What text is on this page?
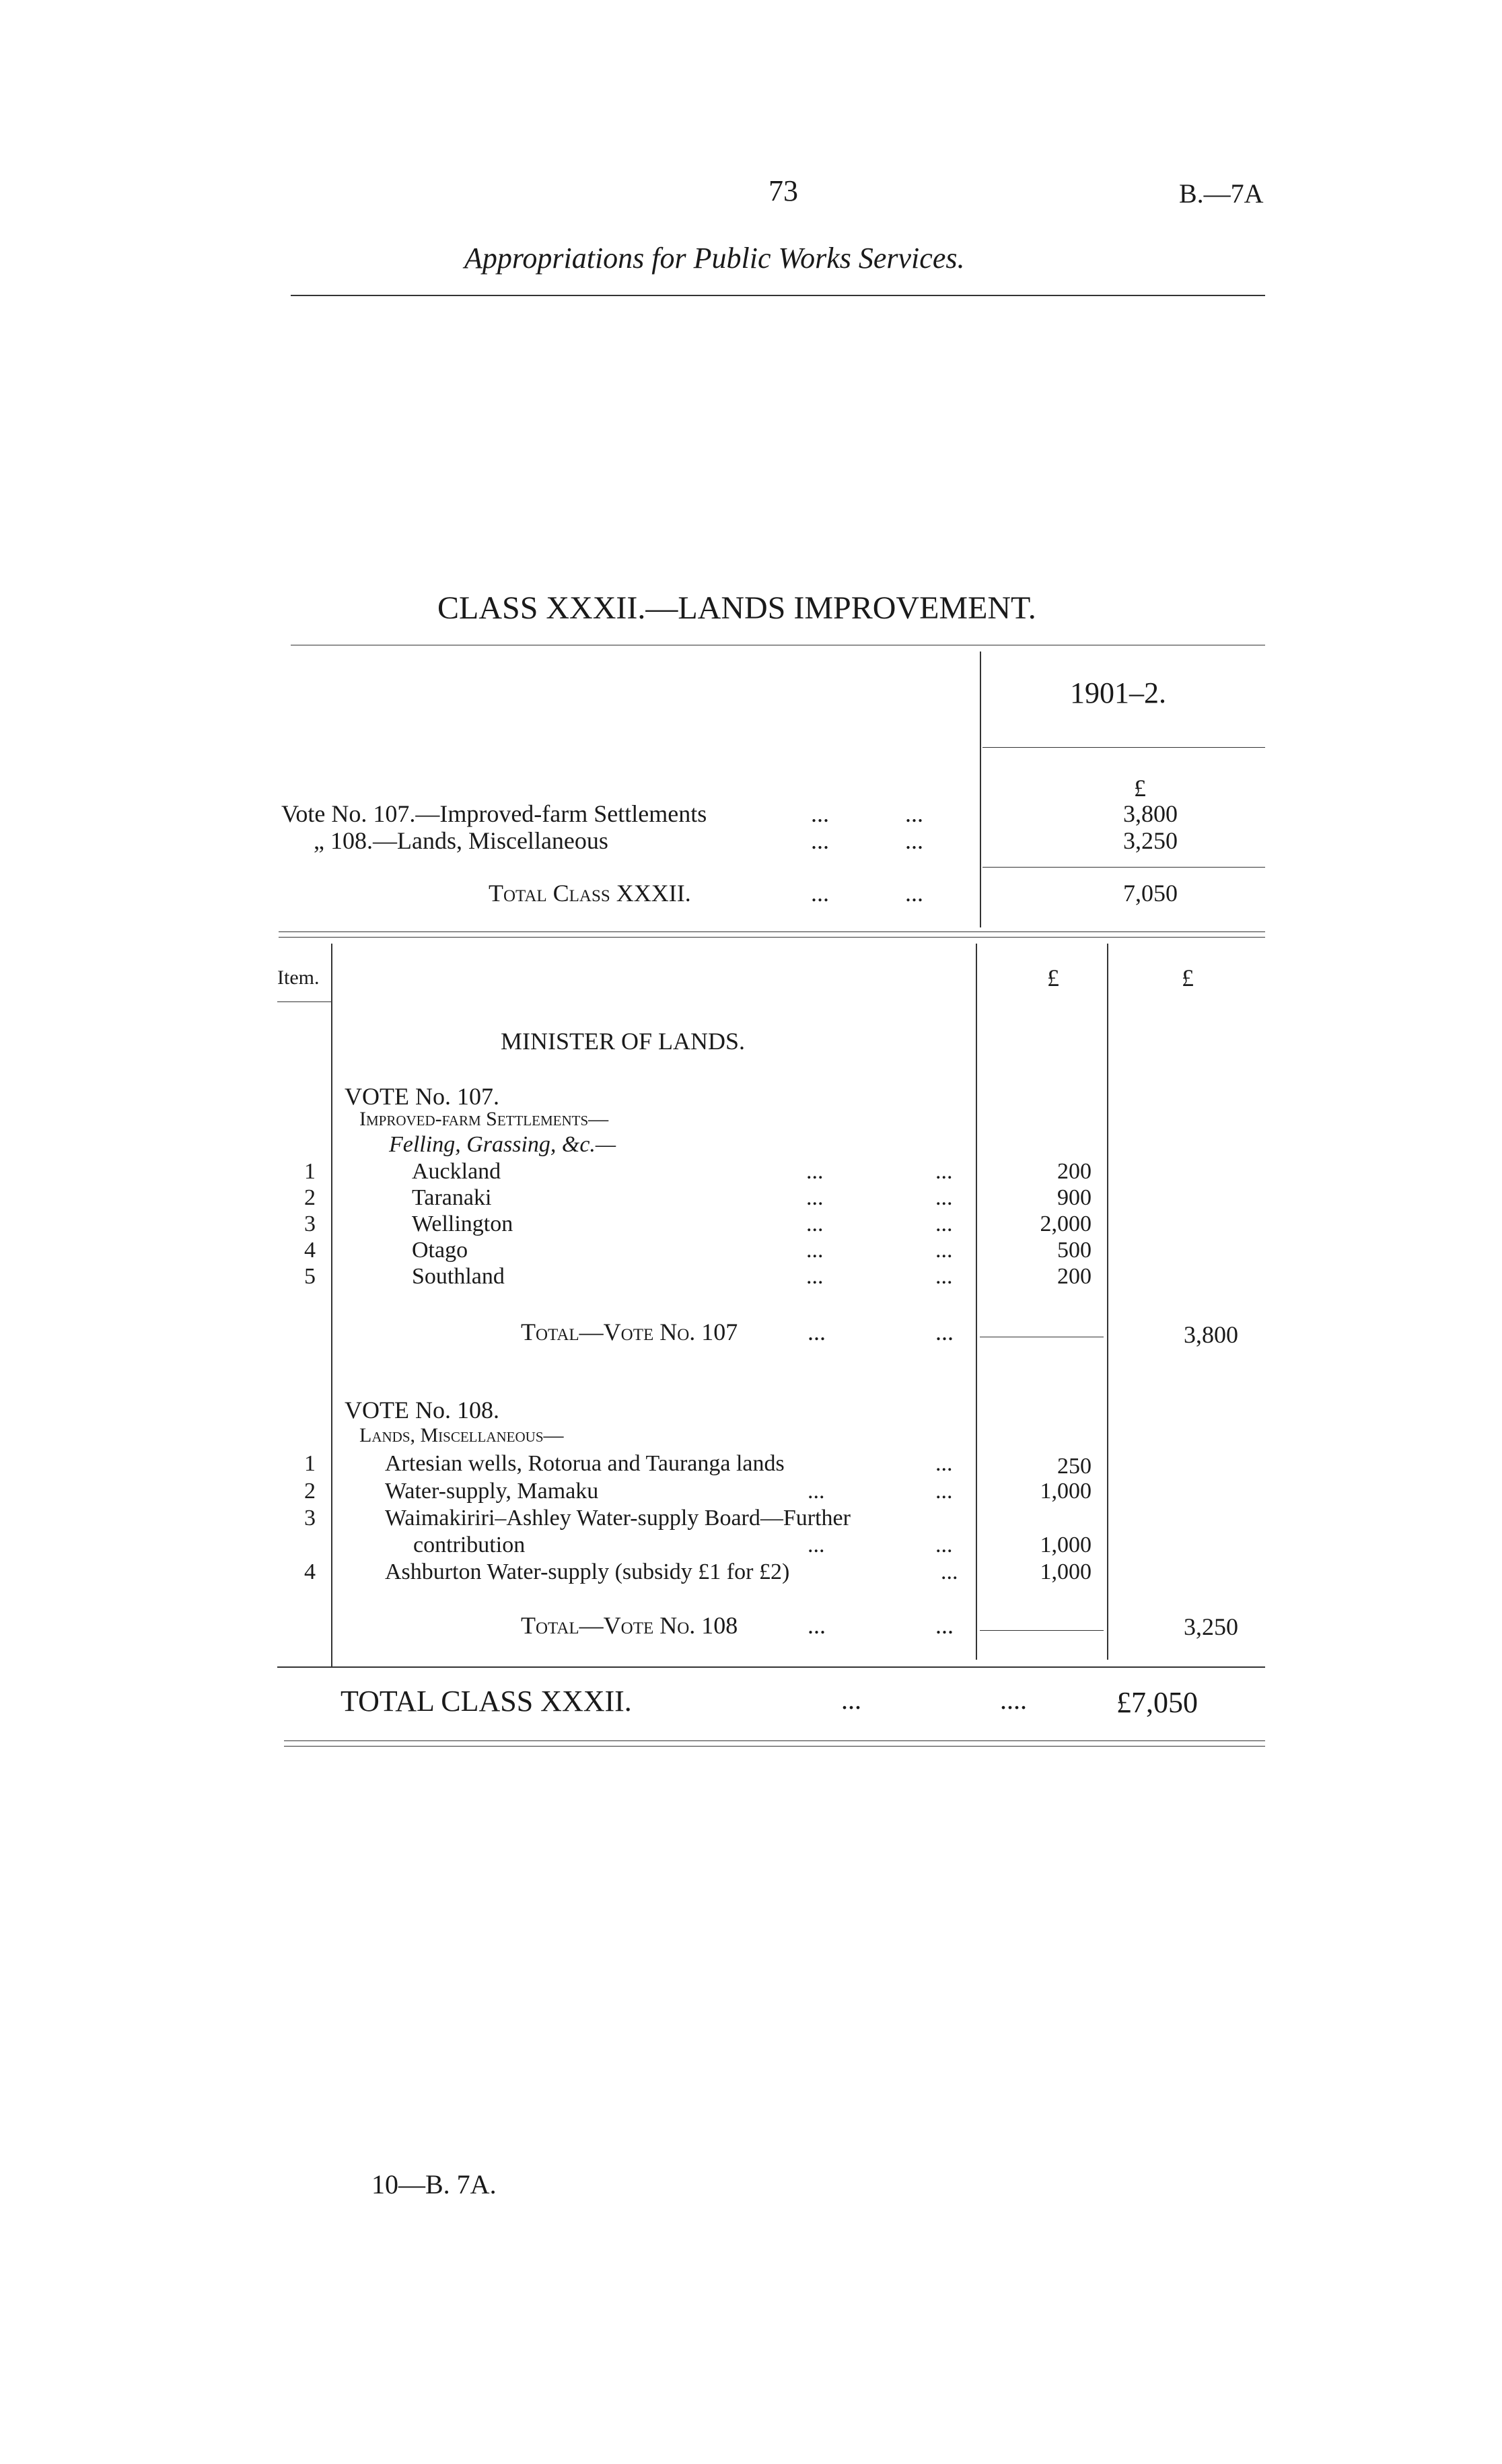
73	B.—7A
Appropriations for Public Works Services.
CLASS XXXII.—LANDS IMPROVEMENT.
1901–2.
£
Vote No. 107.—Improved-farm Settlements	...	...	3,800
„ 108.—Lands, Miscellaneous	...	...	3,250
Total Class XXXII.	...	...	7,050
Item.	£	£
MINISTER OF LANDS.
VOTE No. 107.
Improved-farm Settlements—
Felling, Grassing, &c.—
1	Auckland	...	...	200
2	Taranaki	...	...	900
3	Wellington	...	...	2,000
4	Otago	...	...	500
5	Southland	...	...	200
Total—Vote No. 107	...	...	3,800
VOTE No. 108.
Lands, Miscellaneous—
1	Artesian wells, Rotorua and Tauranga lands	...	250
2	Water-supply, Mamaku	...	...	1,000
3	Waimakiriri–Ashley Water-supply Board—Further
contribution	...	...	1,000
4	Ashburton Water-supply (subsidy £1 for £2)	...	1,000
Total—Vote No. 108	...	...	3,250
TOTAL CLASS XXXII.	...	....	£7,050
10—B. 7A.
